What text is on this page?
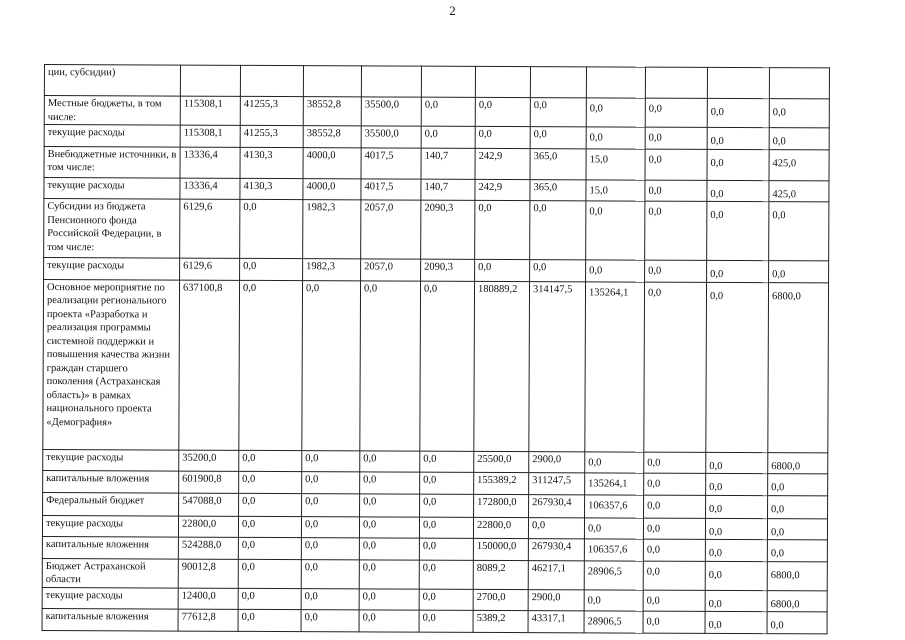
2
ции, субсидии)											
Местные бюджеты, в том числе:	115308,1	41255,3	38552,8	35500,0	0,0	0,0	0,0	0,0	0,0	0,0	0,0
текущие расходы	115308,1	41255,3	38552,8	35500,0	0,0	0,0	0,0	0,0	0,0	0,0	0,0
Внебюджетные источники, в том числе:	13336,4	4130,3	4000,0	4017,5	140,7	242,9	365,0	15,0	0,0	0,0	425,0
текущие расходы	13336,4	4130,3	4000,0	4017,5	140,7	242,9	365,0	15,0	0,0	0,0	425,0
Субсидии из бюджета Пенсионного фонда Российской Федерации, в том числе:	6129,6	0,0	1982,3	2057,0	2090,3	0,0	0,0	0,0	0,0	0,0	0,0
текущие расходы	6129,6	0,0	1982,3	2057,0	2090,3	0,0	0,0	0,0	0,0	0,0	0,0
Основное мероприятие по реализации регионального проекта «Разработка и реализация программы системной поддержки и повышения качества жизни граждан старшего поколения (Астраханская область)» в рамках национального проекта «Демография»	637100,8	0,0	0,0	0,0	0,0	180889,2	314147,5	135264,1	0,0	0,0	6800,0
текущие расходы	35200,0	0,0	0,0	0,0	0,0	25500,0	2900,0	0,0	0,0	0,0	6800,0
капитальные вложения	601900,8	0,0	0,0	0,0	0,0	155389,2	311247,5	135264,1	0,0	0,0	0,0
Федеральный бюджет	547088,0	0,0	0,0	0,0	0,0	172800,0	267930,4	106357,6	0,0	0,0	0,0
текущие расходы	22800,0	0,0	0,0	0,0	0,0	22800,0	0,0	0,0	0,0	0,0	0,0
капитальные вложения	524288,0	0,0	0,0	0,0	0,0	150000,0	267930,4	106357,6	0,0	0,0	0,0
Бюджет Астраханской области	90012,8	0,0	0,0	0,0	0,0	8089,2	46217,1	28906,5	0,0	0,0	6800,0
текущие расходы	12400,0	0,0	0,0	0,0	0,0	2700,0	2900,0	0,0	0,0	0,0	6800,0
капитальные вложения	77612,8	0,0	0,0	0,0	0,0	5389,2	43317,1	28906,5	0,0	0,0	0,0
